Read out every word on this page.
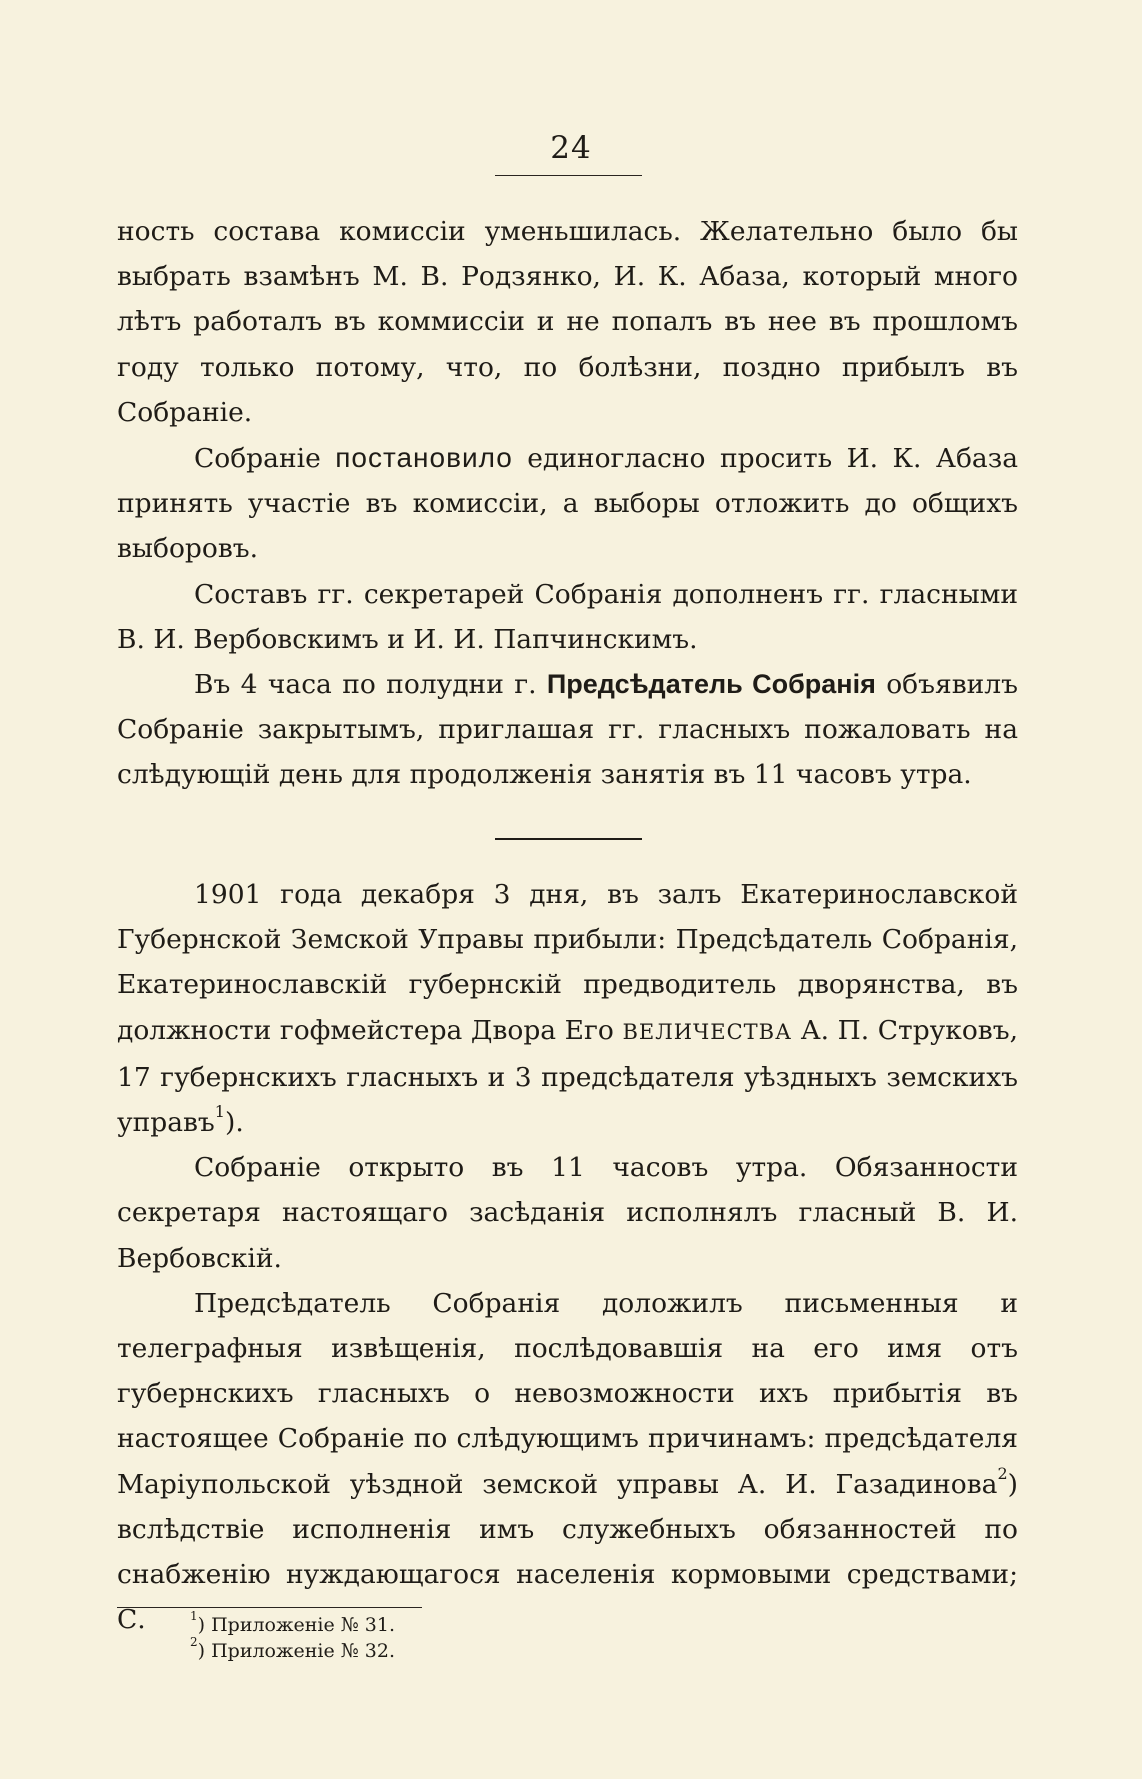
24

ность состава комиссіи уменьшилась. Желательно было бы выбрать взамѣнъ М. В. Родзянко, И. К. Абаза, который много лѣтъ работалъ въ коммиссіи и не попалъ въ нее въ прошломъ году только потому, что, по болѣзни, поздно прибылъ въ Собраніе.

Собраніе постановило единогласно просить И. К. Абаза принять участіе въ комиссіи, а выборы отложить до общихъ выборовъ.

Составъ гг. секретарей Собранія дополненъ гг. гласными В. И. Вербовскимъ и И. И. Папчинскимъ.

Въ 4 часа по полудни г. Предсѣдатель Собранія объявилъ Собраніе закрытымъ, приглашая гг. гласныхъ пожаловать на слѣдующій день для продолженія занятія въ 11 часовъ утра.

1901 года декабря 3 дня, въ залъ Екатеринославской Губернской Земской Управы прибыли: Предсѣдатель Собранія, Екатеринославскій губернскій предводитель дворянства, въ должности гофмейстера Двора Его ВЕЛИЧЕСТВА А. П. Струковъ, 17 губернскихъ гласныхъ и 3 предсѣдателя уѣздныхъ земскихъ управъ$^1$).

Собраніе открыто въ 11 часовъ утра. Обязанности секретаря настоящаго засѣданія исполнялъ гласный В. И. Вербовскій.

Предсѣдатель Собранія доложилъ письменныя и телеграфныя извѣщенія, послѣдовавшія на его имя отъ губернскихъ гласныхъ о невозможности ихъ прибытія въ настоящее Собраніе по слѣдующимъ причинамъ: предсѣдателя Маріупольской уѣздной земской управы А. И. Газадинова$^2$) вслѣдствіе исполненія имъ служебныхъ обязанностей по снабженію нуждающагося населенія кормовыми средствами; С.	$^1$) Приложеніе № 31.
$^2$) Приложеніе № 32.
